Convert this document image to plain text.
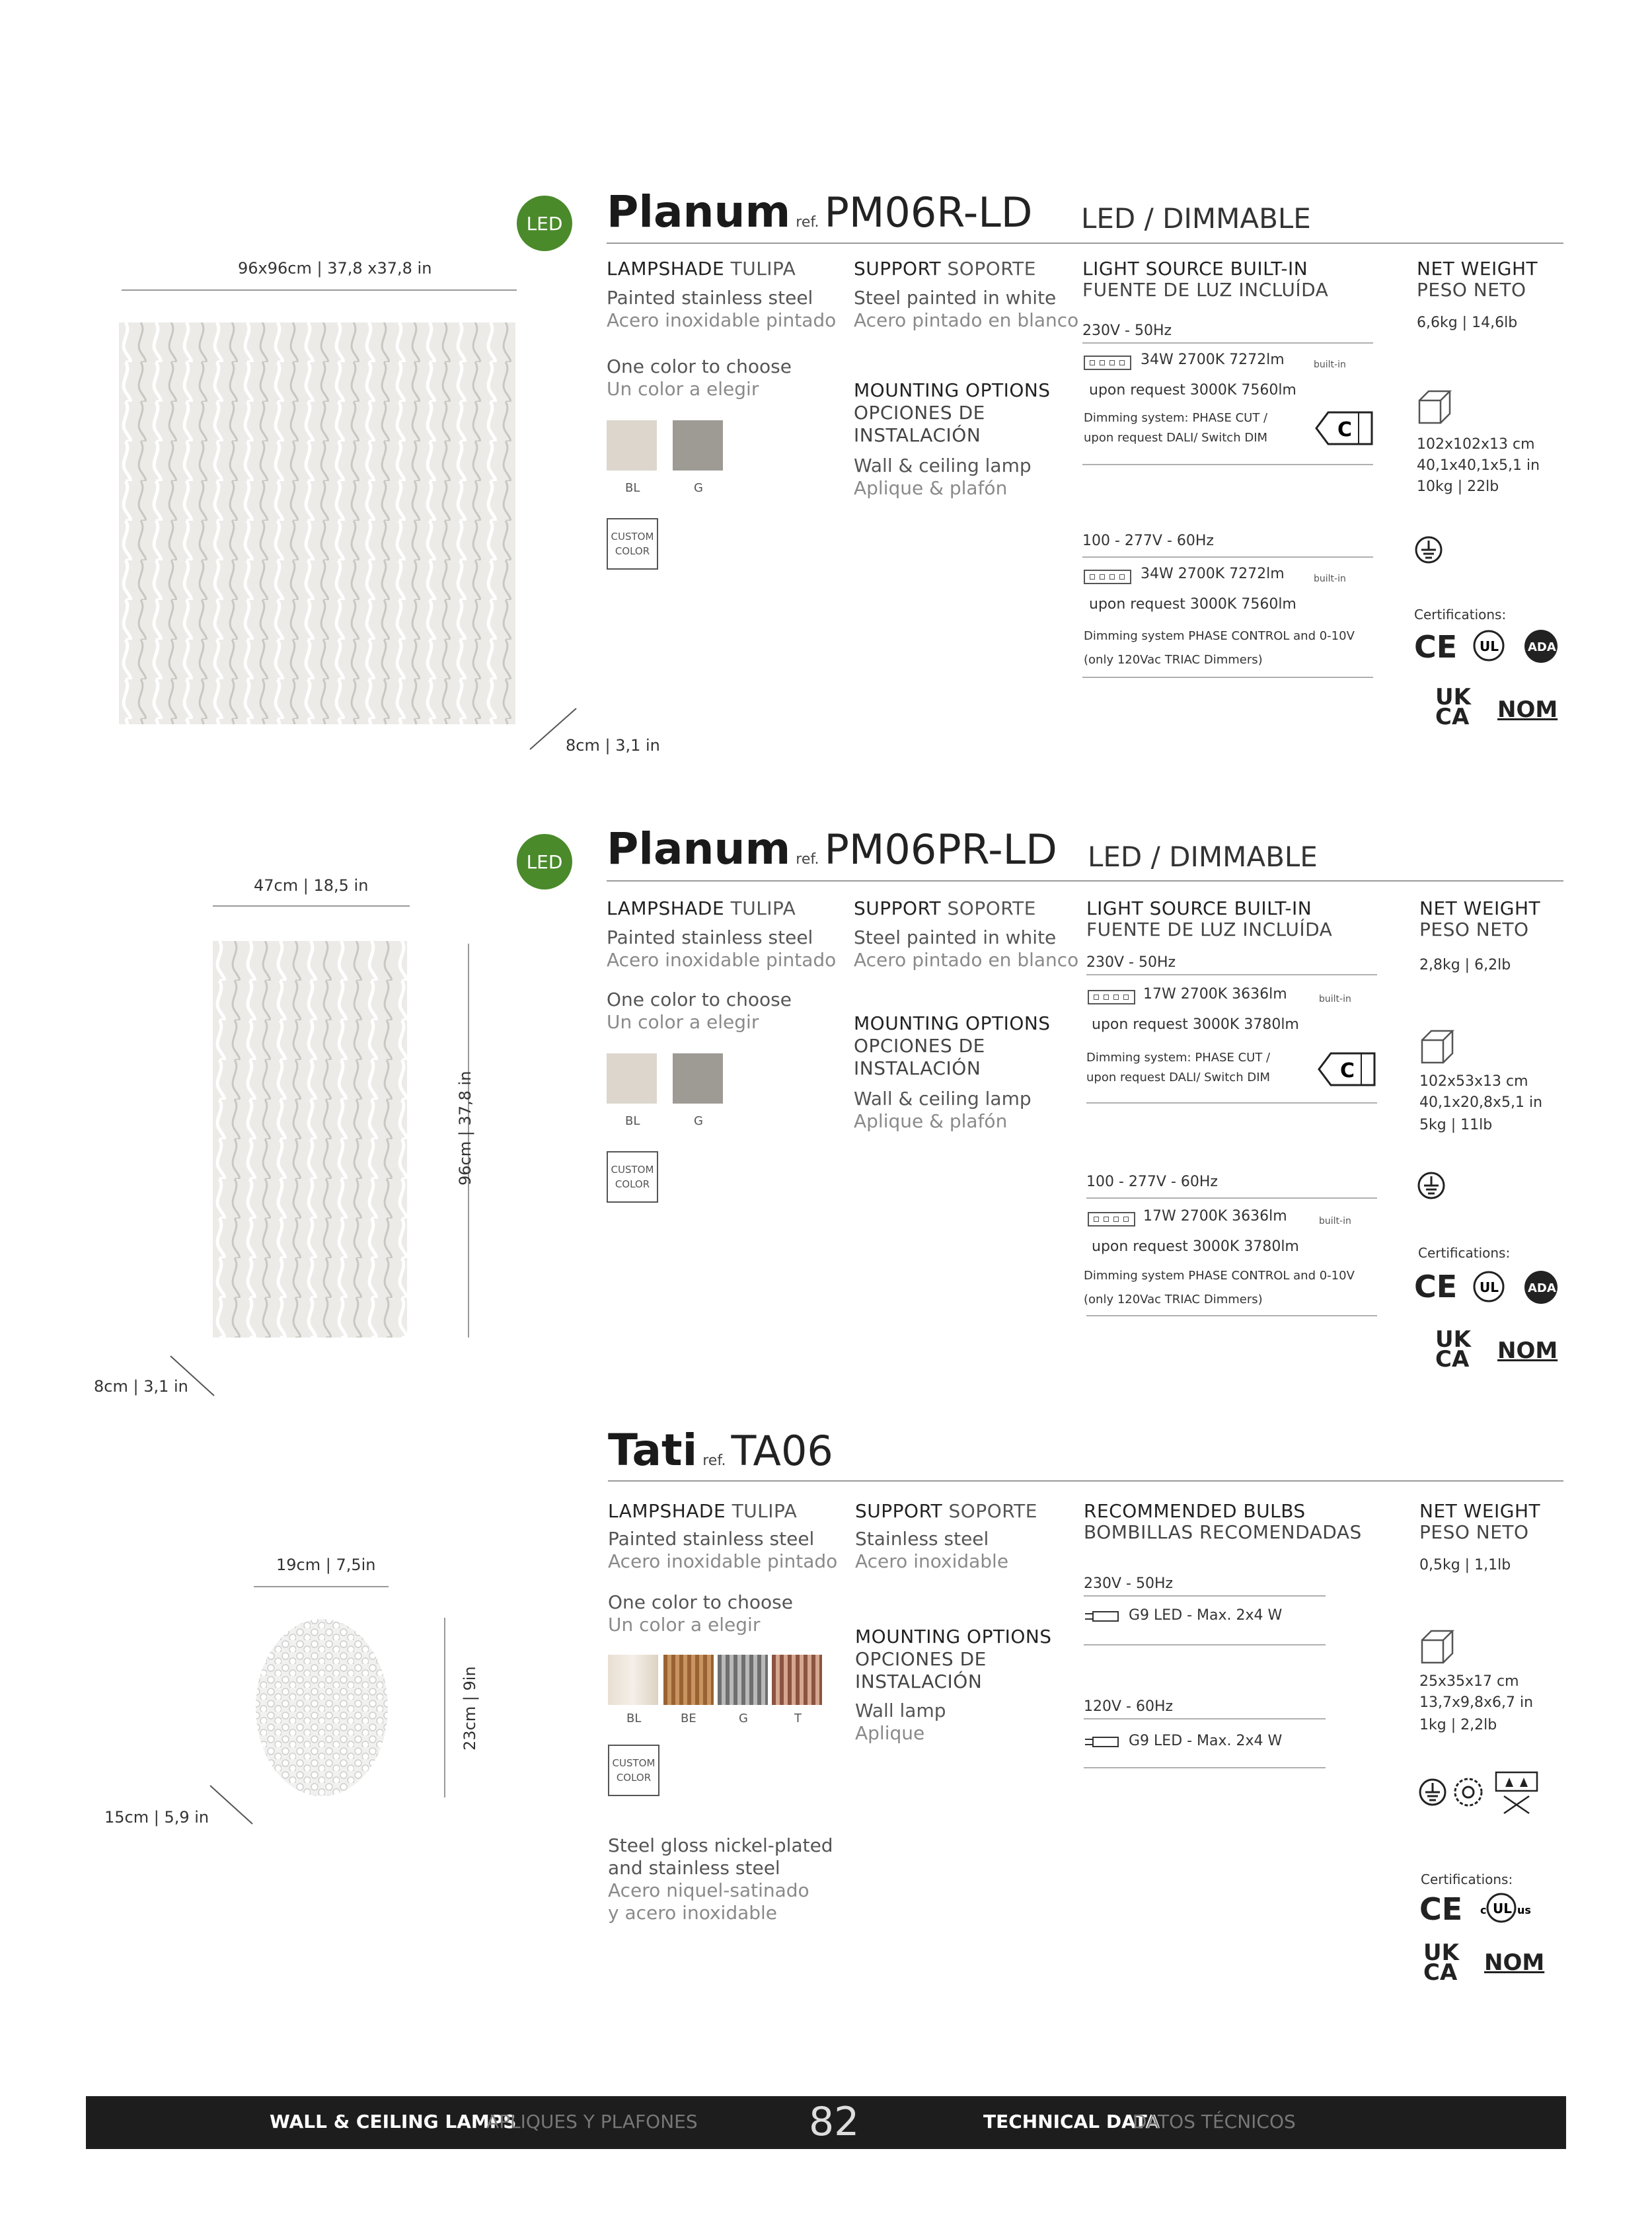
LED Planum ref. PM06R-LD LED / DIMMABLE
96x96cm | 37,8 x37,8 in
8cm | 3,1 in
LAMPSHADE TULIPA
Painted stainless steel
Acero inoxidable pintado
One color to choose
Un color a elegir
BL	G
CUSTOM
COLOR
SUPPORT SOPORTE
Steel painted in white
Acero pintado en blanco
MOUNTING OPTIONS
OPCIONES DE
INSTALACIÓN
Wall & ceiling lamp
Aplique & plafón
LIGHT SOURCE BUILT-IN
FUENTE DE LUZ INCLUÍDA
230V - 50Hz
34W 2700K 7272lm	built-in
upon request 3000K 7560lm
Dimming system: PHASE CUT /
upon request DALI/ Switch DIM	C
100 - 277V - 60Hz
34W 2700K 7272lm	built-in
upon request 3000K 7560lm
Dimming system PHASE CONTROL and 0-10V
(only 120Vac TRIAC Dimmers)
NET WEIGHT
PESO NETO
6,6kg | 14,6lb
102x102x13 cm
40,1x40,1x5,1 in
10kg | 22lb
Certifications:
CE UL ADA
UK
CA NOM
LED Planum ref. PM06PR-LD LED / DIMMABLE
47cm | 18,5 in
96cm | 37,8 in
8cm | 3,1 in
LAMPSHADE TULIPA
Painted stainless steel
Acero inoxidable pintado
One color to choose
Un color a elegir
BL	G
CUSTOM
COLOR
SUPPORT SOPORTE
Steel painted in white
Acero pintado en blanco
MOUNTING OPTIONS
OPCIONES DE
INSTALACIÓN
Wall & ceiling lamp
Aplique & plafón
LIGHT SOURCE BUILT-IN
FUENTE DE LUZ INCLUÍDA
230V - 50Hz
17W 2700K 3636lm	built-in
upon request 3000K 3780lm
Dimming system: PHASE CUT /
upon request DALI/ Switch DIM	C
100 - 277V - 60Hz
17W 2700K 3636lm	built-in
upon request 3000K 3780lm
Dimming system PHASE CONTROL and 0-10V
(only 120Vac TRIAC Dimmers)
NET WEIGHT
PESO NETO
2,8kg | 6,2lb
102x53x13 cm
40,1x20,8x5,1 in
5kg | 11lb
Certifications:
CE UL ADA
UK
CA NOM
Tati ref. TA06
19cm | 7,5in
23cm | 9in
15cm | 5,9 in
LAMPSHADE TULIPA
Painted stainless steel
Acero inoxidable pintado
One color to choose
Un color a elegir
BL	BE	G	T
CUSTOM
COLOR
Steel gloss nickel-plated
and stainless steel
Acero niquel-satinado
y acero inoxidable
SUPPORT SOPORTE
Stainless steel
Acero inoxidable
MOUNTING OPTIONS
OPCIONES DE
INSTALACIÓN
Wall lamp
Aplique
RECOMMENDED BULBS
BOMBILLAS RECOMENDADAS
230V - 50Hz
G9 LED - Max. 2x4 W
120V - 60Hz
G9 LED - Max. 2x4 W
NET WEIGHT
PESO NETO
0,5kg | 1,1lb
25x35x17 cm
13,7x9,8x6,7 in
1kg | 2,2lb
Certifications:
CE c UL us
UK
CA NOM
WALL & CEILING LAMPS
APLIQUES Y PLAFONES	82	TECHNICAL DATA
DATOS TÉCNICOS
